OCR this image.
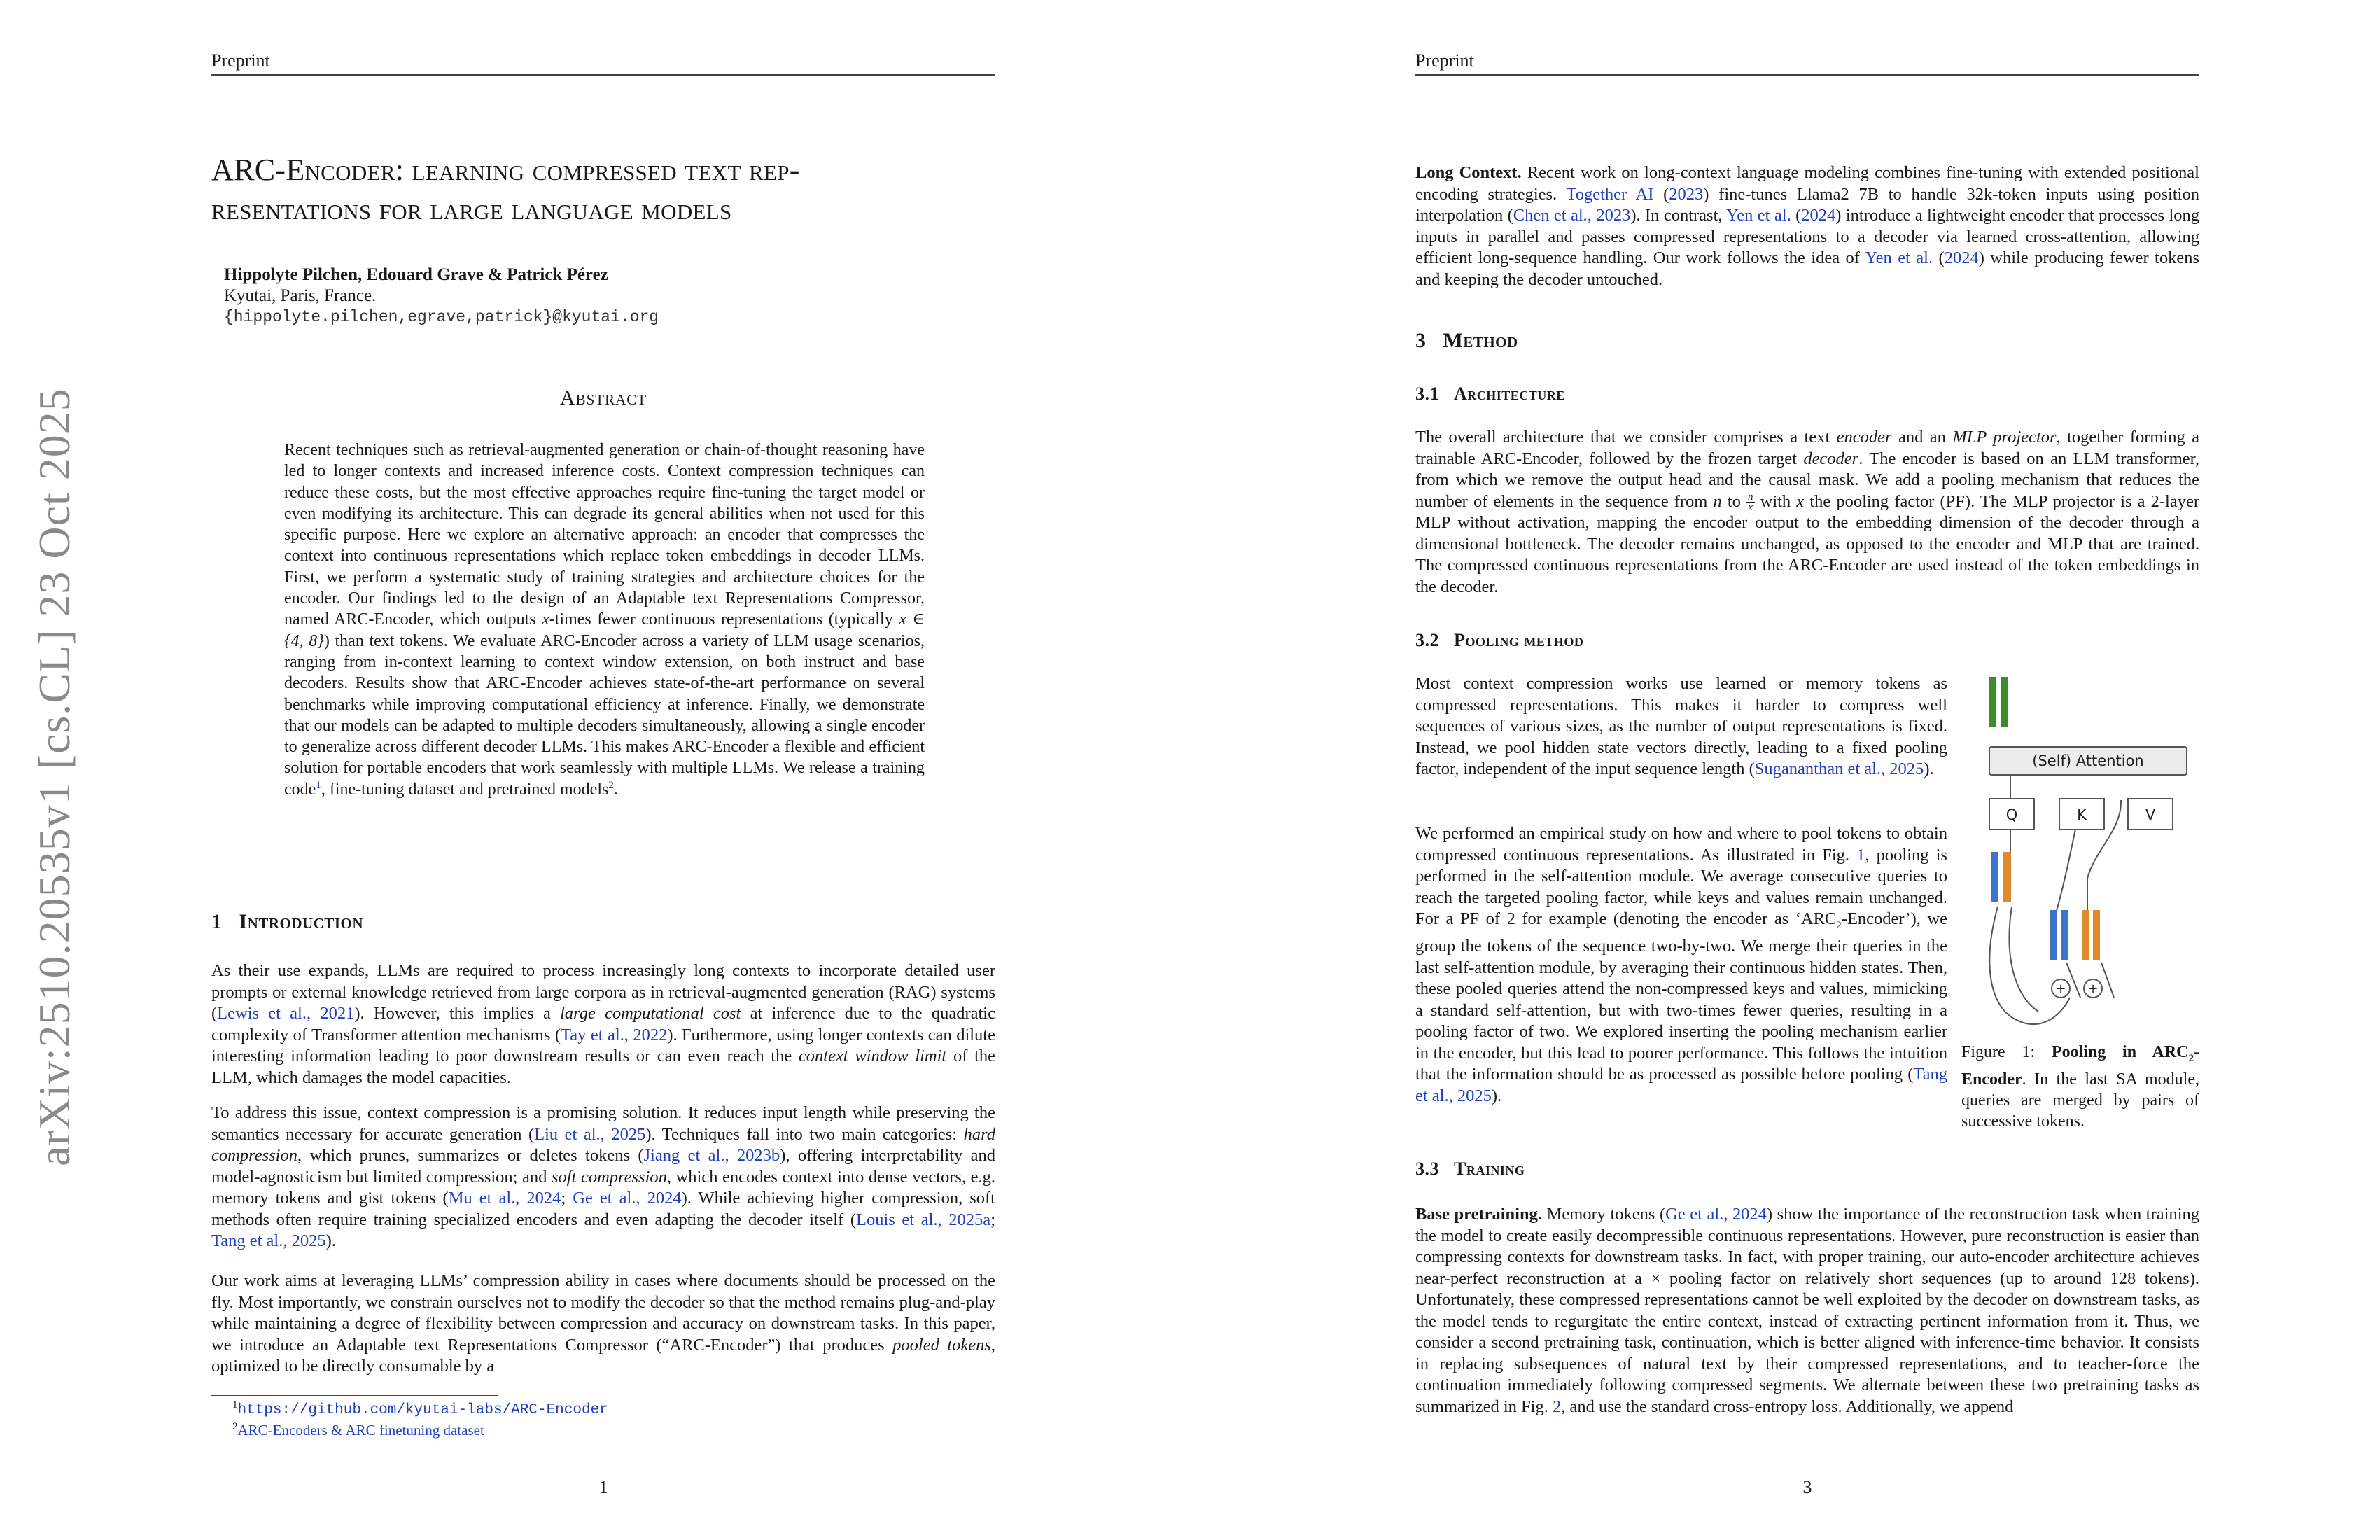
arXiv:2510.20535v1 [cs.CL] 23 Oct 2025
Preprint
ARC-Encoder: learning compressed text rep-
resentations for large language models
Hippolyte Pilchen, Edouard Grave & Patrick Pérez
Kyutai, Paris, France.
{hippolyte.pilchen,egrave,patrick}@kyutai.org
Abstract

Recent techniques such as retrieval-augmented generation or chain-of-thought reasoning have led to longer contexts and increased inference costs. Context compression techniques can reduce these costs, but the most effective approaches require fine-tuning the target model or even modifying its architecture. This can degrade its general abilities when not used for this specific purpose. Here we explore an alternative approach: an encoder that compresses the context into continuous representations which replace token embeddings in decoder LLMs. First, we perform a systematic study of training strategies and architecture choices for the encoder. Our findings led to the design of an Adaptable text Representations Compressor, named ARC-Encoder, which outputs x-times fewer continuous representations (typically x ∈ {4, 8}) than text tokens. We evaluate ARC-Encoder across a variety of LLM usage scenarios, ranging from in-context learning to context window extension, on both instruct and base decoders. Results show that ARC-Encoder achieves state-of-the-art performance on several benchmarks while improving computational efficiency at inference. Finally, we demonstrate that our models can be adapted to multiple decoders simultaneously, allowing a single encoder to generalize across different decoder LLMs. This makes ARC-Encoder a flexible and efficient solution for portable encoders that work seamlessly with multiple LLMs. We release a training code$^1$, fine-tuning dataset and pretrained models$^2$.

1 Introduction

As their use expands, LLMs are required to process increasingly long contexts to incorporate detailed user prompts or external knowledge retrieved from large corpora as in retrieval-augmented generation (RAG) systems (Lewis et al., 2021). However, this implies a large computational cost at inference due to the quadratic complexity of Transformer attention mechanisms (Tay et al., 2022). Furthermore, using longer contexts can dilute interesting information leading to poor downstream results or can even reach the context window limit of the LLM, which damages the model capacities.

To address this issue, context compression is a promising solution. It reduces input length while preserving the semantics necessary for accurate generation (Liu et al., 2025). Techniques fall into two main categories: hard compression, which prunes, summarizes or deletes tokens (Jiang et al., 2023b), offering interpretability and model-agnosticism but limited compression; and soft compression, which encodes context into dense vectors, e.g. memory tokens and gist tokens (Mu et al., 2024; Ge et al., 2024). While achieving higher compression, soft methods often require training specialized encoders and even adapting the decoder itself (Louis et al., 2025a; Tang et al., 2025).

Our work aims at leveraging LLMs’ compression ability in cases where documents should be processed on the fly. Most importantly, we constrain ourselves not to modify the decoder so that the method remains plug-and-play while maintaining a degree of flexibility between compression and accuracy on downstream tasks. In this paper, we introduce an Adaptable text Representations Compressor (“ARC-Encoder”) that produces pooled tokens, optimized to be directly consumable by a

$^1$https://github.com/kyutai-labs/ARC-Encoder
$^2$ARC-Encoders & ARC finetuning dataset
1
Preprint

Long Context. Recent work on long-context language modeling combines fine-tuning with extended positional encoding strategies. Together AI (2023) fine-tunes Llama2 7B to handle 32k-token inputs using position interpolation (Chen et al., 2023). In contrast, Yen et al. (2024) introduce a lightweight encoder that processes long inputs in parallel and passes compressed representations to a decoder via learned cross-attention, allowing efficient long-sequence handling. Our work follows the idea of Yen et al. (2024) while producing fewer tokens and keeping the decoder untouched.

3 Method
3.1 Architecture

The overall architecture that we consider comprises a text encoder and an MLP projector, together forming a trainable ARC-Encoder, followed by the frozen target decoder. The encoder is based on an LLM transformer, from which we remove the output head and the causal mask. We add a pooling mechanism that reduces the number of elements in the sequence from n to $\frac{n}{x}$ with x the pooling factor (PF). The MLP projector is a 2-layer MLP without activation, mapping the encoder output to the embedding dimension of the decoder through a dimensional bottleneck. The decoder remains unchanged, as opposed to the encoder and MLP that are trained. The compressed continuous representations from the ARC-Encoder are used instead of the token embeddings in the decoder.

3.2 Pooling method

Most context compression works use learned or memory tokens as compressed representations. This makes it harder to compress well sequences of various sizes, as the number of output representations is fixed. Instead, we pool hidden state vectors directly, leading to a fixed pooling factor, independent of the input sequence length (Sugananthan et al., 2025).

We performed an empirical study on how and where to pool tokens to obtain compressed continuous representations. As illustrated in Fig. 1, pooling is performed in the self-attention module. We average consecutive queries to reach the targeted pooling factor, while keys and values remain unchanged. For a PF of 2 for example (denoting the encoder as ‘$ARC_2-Encoder$’), we group the tokens of the sequence two-by-two. We merge their queries in the last self-attention module, by averaging their continuous hidden states. Then, these pooled queries attend the non-compressed keys and values, mimicking a standard self-attention, but with two-times fewer queries, resulting in a pooling factor of two. We explored inserting the pooling mechanism earlier in the encoder, but this lead to poorer performance. This follows the intuition that the information should be as processed as possible before pooling (Tang et al., 2025).

(Self) Attention
Q	K	V
+ +
Figure 1: Pooling in $ARC_2$-Encoder. In the last SA module, queries are merged by pairs of successive tokens.
3.3 Training

Base pretraining. Memory tokens (Ge et al., 2024) show the importance of the reconstruction task when training the model to create easily decompressible continuous representations. However, pure reconstruction is easier than compressing contexts for downstream tasks. In fact, with proper training, our auto-encoder architecture achieves near-perfect reconstruction at a × pooling factor on relatively short sequences (up to around 128 tokens). Unfortunately, these compressed representations cannot be well exploited by the decoder on downstream tasks, as the model tends to regurgitate the entire context, instead of extracting pertinent information from it. Thus, we consider a second pretraining task, continuation, which is better aligned with inference-time behavior. It consists in replacing subsequences of natural text by their compressed representations, and to teacher-force the continuation immediately following compressed segments. We alternate between these two pretraining tasks as summarized in Fig. 2, and use the standard cross-entropy loss. Additionally, we append

3
